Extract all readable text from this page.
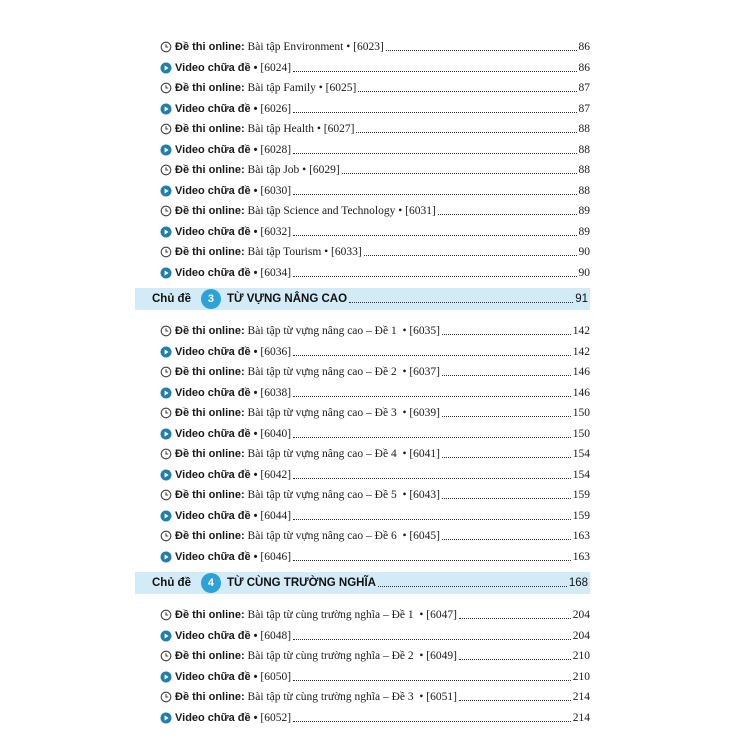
Đề thi online: Bài tập Environment • [6023]	86
Video chữa đề • [6024]	86
Đề thi online: Bài tập Family • [6025]	87
Video chữa đề • [6026]	87
Đề thi online: Bài tập Health • [6027]	88
Video chữa đề • [6028]	88
Đề thi online: Bài tập Job • [6029]	88
Video chữa đề • [6030]	88
Đề thi online: Bài tập Science and Technology • [6031]	89
Video chữa đề • [6032]	89
Đề thi online: Bài tập Tourism • [6033]	90
Video chữa đề • [6034]	90
Chủ đề	3	TỪ VỰNG NÂNG CAO	91
Đề thi online: Bài tập từ vựng nâng cao – Đề 1  • [6035]	142
Video chữa đề • [6036]	142
Đề thi online: Bài tập từ vựng nâng cao – Đề 2  • [6037]	146
Video chữa đề • [6038]	146
Đề thi online: Bài tập từ vựng nâng cao – Đề 3  • [6039]	150
Video chữa đề • [6040]	150
Đề thi online: Bài tập từ vựng nâng cao – Đề 4  • [6041]	154
Video chữa đề • [6042]	154
Đề thi online: Bài tập từ vựng nâng cao – Đề 5  • [6043]	159
Video chữa đề • [6044]	159
Đề thi online: Bài tập từ vựng nâng cao – Đề 6  • [6045]	163
Video chữa đề • [6046]	163
Chủ đề	4	TỪ CÙNG TRƯỜNG NGHĨA	168
Đề thi online: Bài tập từ cùng trường nghĩa – Đề 1  • [6047]	204
Video chữa đề • [6048]	204
Đề thi online: Bài tập từ cùng trường nghĩa – Đề 2  • [6049]	210
Video chữa đề • [6050]	210
Đề thi online: Bài tập từ cùng trường nghĩa – Đề 3  • [6051]	214
Video chữa đề • [6052]	214
